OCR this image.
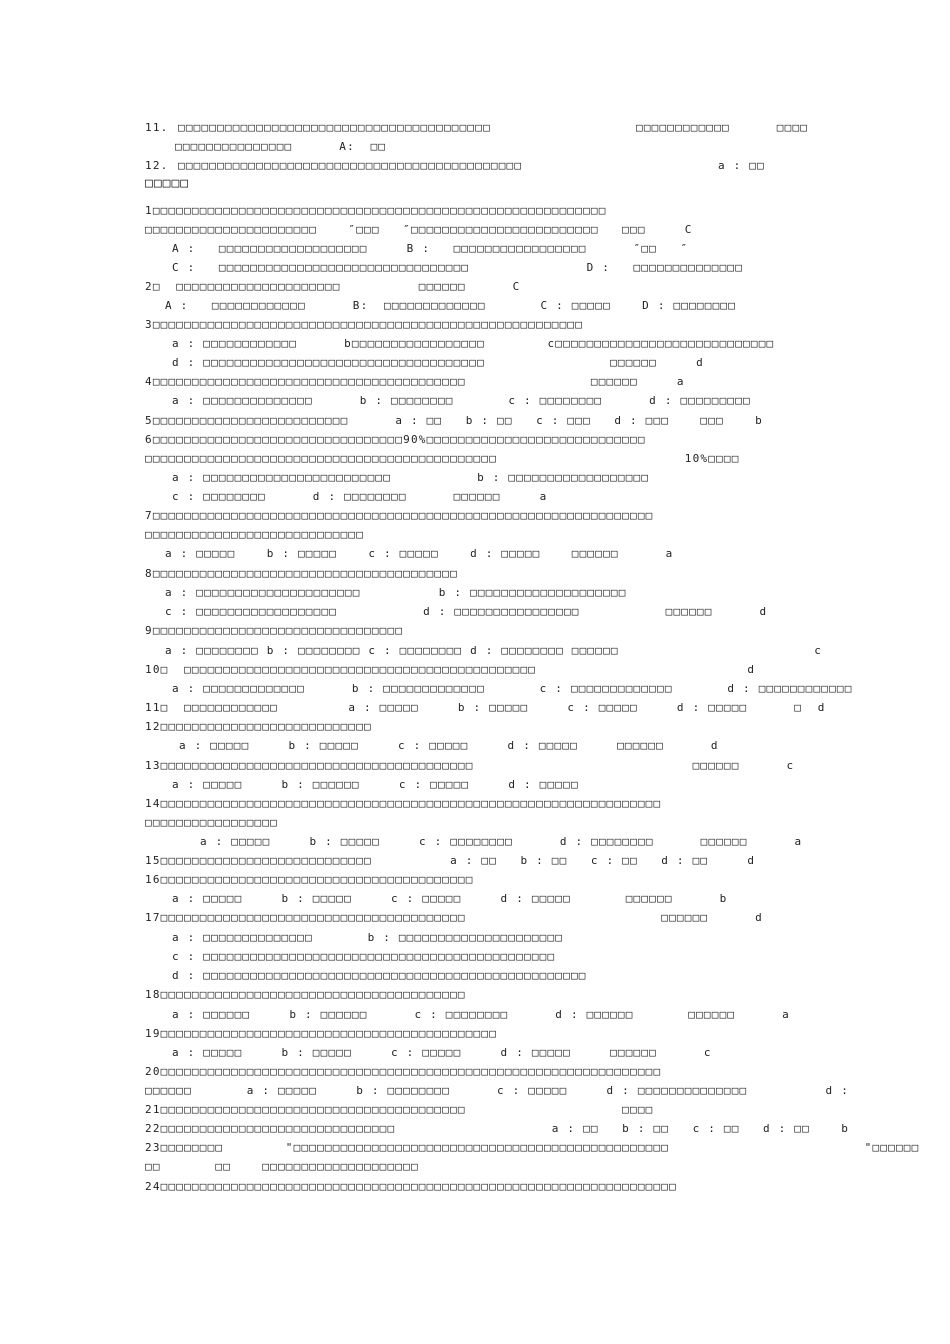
11. □□□□□□□□□□□□□□□□□□□□□□□□□□□□□□□□□□□□□□□□	□□□□□□□□□□□□      □□□□
□□□□□□□□□□□□□□□      A:  □□
12. □□□□□□□□□□□□□□□□□□□□□□□□□□□□□□□□□□□□□□□□□□□□	a : □□
□□□□□
1□□□□□□□□□□□□□□□□□□□□□□□□□□□□□□□□□□□□□□□□□□□□□□□□□□□□□□□□□□
□□□□□□□□□□□□□□□□□□□□□□    ″□□□   ″□□□□□□□□□□□□□□□□□□□□□□□□   □□□     C
A :   □□□□□□□□□□□□□□□□□□□     B :   □□□□□□□□□□□□□□□□□      ″□□   ″
C :   □□□□□□□□□□□□□□□□□□□□□□□□□□□□□□□□               D :   □□□□□□□□□□□□□□
2□  □□□□□□□□□□□□□□□□□□□□□          □□□□□□      C
A :   □□□□□□□□□□□□      B:  □□□□□□□□□□□□□       C : □□□□□    D : □□□□□□□□
3□□□□□□□□□□□□□□□□□□□□□□□□□□□□□□□□□□□□□□□□□□□□□□□□□□□□□□□
a : □□□□□□□□□□□□      b□□□□□□□□□□□□□□□□□        c□□□□□□□□□□□□□□□□□□□□□□□□□□□□
d : □□□□□□□□□□□□□□□□□□□□□□□□□□□□□□□□□□□□                □□□□□□     d
4□□□□□□□□□□□□□□□□□□□□□□□□□□□□□□□□□□□□□□□□                □□□□□□     a
a : □□□□□□□□□□□□□□      b : □□□□□□□□       c : □□□□□□□□      d : □□□□□□□□□
5□□□□□□□□□□□□□□□□□□□□□□□□□      a : □□   b : □□   c : □□□   d : □□□    □□□    b
6□□□□□□□□□□□□□□□□□□□□□□□□□□□□□□□□90%□□□□□□□□□□□□□□□□□□□□□□□□□□□□
□□□□□□□□□□□□□□□□□□□□□□□□□□□□□□□□□□□□□□□□□□□□□                        10%□□□□
a : □□□□□□□□□□□□□□□□□□□□□□□□           b : □□□□□□□□□□□□□□□□□□
c : □□□□□□□□      d : □□□□□□□□      □□□□□□     a
7□□□□□□□□□□□□□□□□□□□□□□□□□□□□□□□□□□□□□□□□□□□□□□□□□□□□□□□□□□□□□□□□
□□□□□□□□□□□□□□□□□□□□□□□□□□□□
a : □□□□□    b : □□□□□    c : □□□□□    d : □□□□□    □□□□□□      a
8□□□□□□□□□□□□□□□□□□□□□□□□□□□□□□□□□□□□□□□
a : □□□□□□□□□□□□□□□□□□□□□          b : □□□□□□□□□□□□□□□□□□□□
c : □□□□□□□□□□□□□□□□□□           d : □□□□□□□□□□□□□□□□           □□□□□□      d
9□□□□□□□□□□□□□□□□□□□□□□□□□□□□□□□□
a : □□□□□□□□ b : □□□□□□□□ c : □□□□□□□□ d : □□□□□□□□ □□□□□□                         c
10□  □□□□□□□□□□□□□□□□□□□□□□□□□□□□□□□□□□□□□□□□□□□□□                           d
a : □□□□□□□□□□□□□      b : □□□□□□□□□□□□□       c : □□□□□□□□□□□□□       d : □□□□□□□□□□□□
11□  □□□□□□□□□□□□         a : □□□□□     b : □□□□□     c : □□□□□     d : □□□□□      □  d
12□□□□□□□□□□□□□□□□□□□□□□□□□□□
a : □□□□□     b : □□□□□     c : □□□□□     d : □□□□□     □□□□□□      d
13□□□□□□□□□□□□□□□□□□□□□□□□□□□□□□□□□□□□□□□□                            □□□□□□      c
a : □□□□□     b : □□□□□□     c : □□□□□     d : □□□□□
14□□□□□□□□□□□□□□□□□□□□□□□□□□□□□□□□□□□□□□□□□□□□□□□□□□□□□□□□□□□□□□□□
□□□□□□□□□□□□□□□□□
a : □□□□□     b : □□□□□     c : □□□□□□□□      d : □□□□□□□□      □□□□□□      a
15□□□□□□□□□□□□□□□□□□□□□□□□□□□          a : □□   b : □□   c : □□   d : □□     d
16□□□□□□□□□□□□□□□□□□□□□□□□□□□□□□□□□□□□□□□□
a : □□□□□     b : □□□□□     c : □□□□□     d : □□□□□       □□□□□□      b
17□□□□□□□□□□□□□□□□□□□□□□□□□□□□□□□□□□□□□□□                         □□□□□□      d
a : □□□□□□□□□□□□□□       b : □□□□□□□□□□□□□□□□□□□□□
c : □□□□□□□□□□□□□□□□□□□□□□□□□□□□□□□□□□□□□□□□□□□□□
d : □□□□□□□□□□□□□□□□□□□□□□□□□□□□□□□□□□□□□□□□□□□□□□□□□
18□□□□□□□□□□□□□□□□□□□□□□□□□□□□□□□□□□□□□□□
a : □□□□□□     b : □□□□□□      c : □□□□□□□□      d : □□□□□□       □□□□□□      a
19□□□□□□□□□□□□□□□□□□□□□□□□□□□□□□□□□□□□□□□□□□□
a : □□□□□     b : □□□□□     c : □□□□□     d : □□□□□     □□□□□□      c
20□□□□□□□□□□□□□□□□□□□□□□□□□□□□□□□□□□□□□□□□□□□□□□□□□□□□□□□□□□□□□□□□
□□□□□□       a : □□□□□     b : □□□□□□□□      c : □□□□□     d : □□□□□□□□□□□□□□          d :
21□□□□□□□□□□□□□□□□□□□□□□□□□□□□□□□□□□□□□□□                    □□□□
22□□□□□□□□□□□□□□□□□□□□□□□□□□□□□□                    a : □□   b : □□   c : □□   d : □□    b
23□□□□□□□□        "□□□□□□□□□□□□□□□□□□□□□□□□□□□□□□□□□□□□□□□□□□□□□□□□                         "□□□□□□
□□       □□    □□□□□□□□□□□□□□□□□□□□
24□□□□□□□□□□□□□□□□□□□□□□□□□□□□□□□□□□□□□□□□□□□□□□□□□□□□□□□□□□□□□□□□□□
